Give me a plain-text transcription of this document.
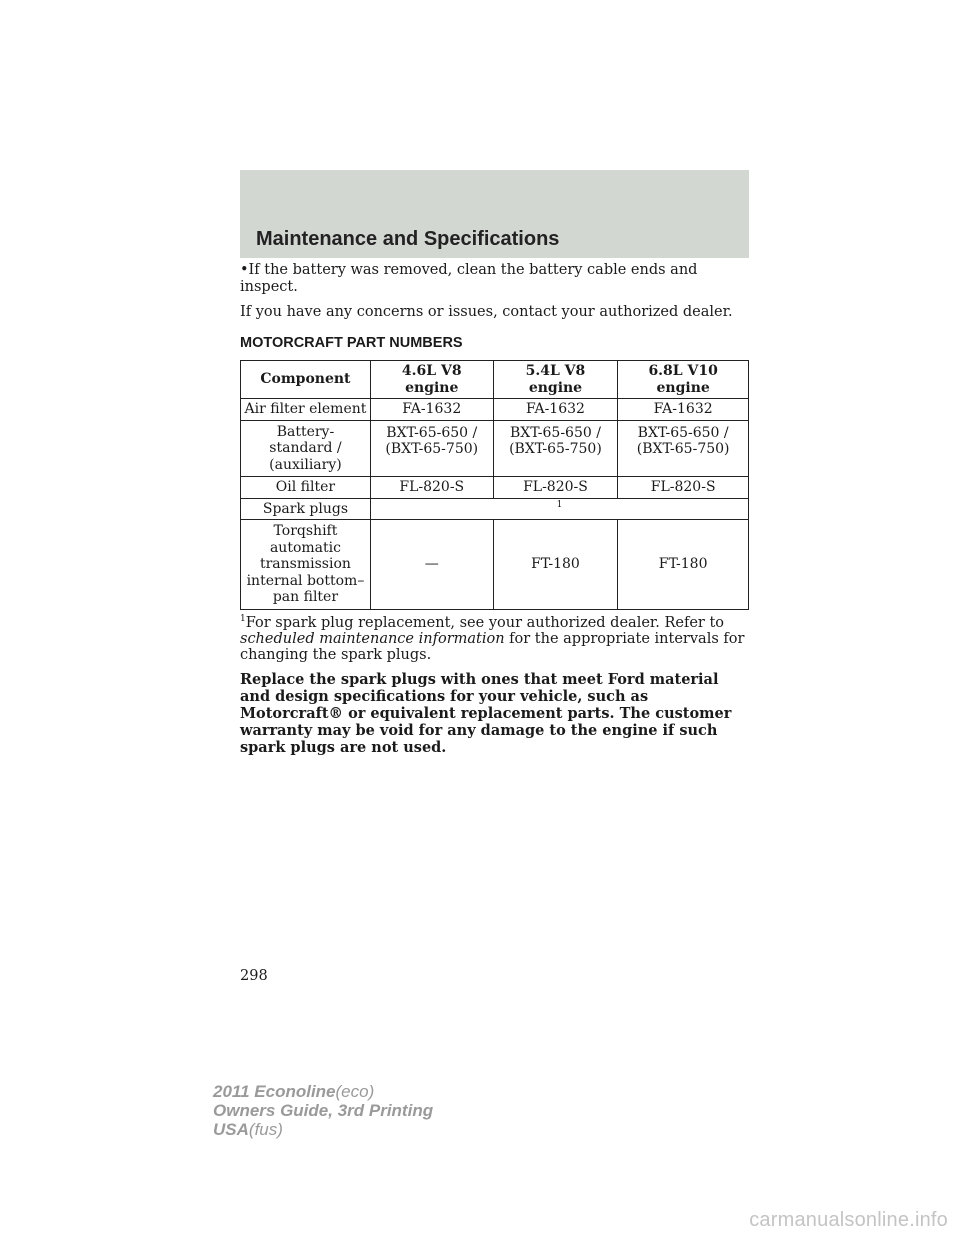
Maintenance and Specifications

•If the battery was removed, clean the battery cable ends and inspect.

If you have any concerns or issues, contact your authorized dealer.

MOTORCRAFT PART NUMBERS
Component	4.6L V8 engine	5.4L V8 engine	6.8L V10 engine
Air filter element	FA-1632	FA-1632	FA-1632
Battery-standard / (auxiliary)	BXT-65-650 / (BXT-65-750)	BXT-65-650 / (BXT-65-750)	BXT-65-650 / (BXT-65-750)
Oil filter	FL-820-S	FL-820-S	FL-820-S
Spark plugs	1		
Torqshift automatic transmission internal bottom–pan filter	—	FT-180	FT-180

$^1$For spark plug replacement, see your authorized dealer. Refer to
scheduled maintenance information for the appropriate intervals for changing the spark plugs.

Replace the spark plugs with ones that meet Ford material and design specifications for your vehicle, such as Motorcraft® or equivalent replacement parts. The customer warranty may be void for any damage to the engine if such spark plugs are not used.

298
2011 Econoline(eco)
Owners Guide, 3rd Printing
USA(fus)
carmanualsonline.info
